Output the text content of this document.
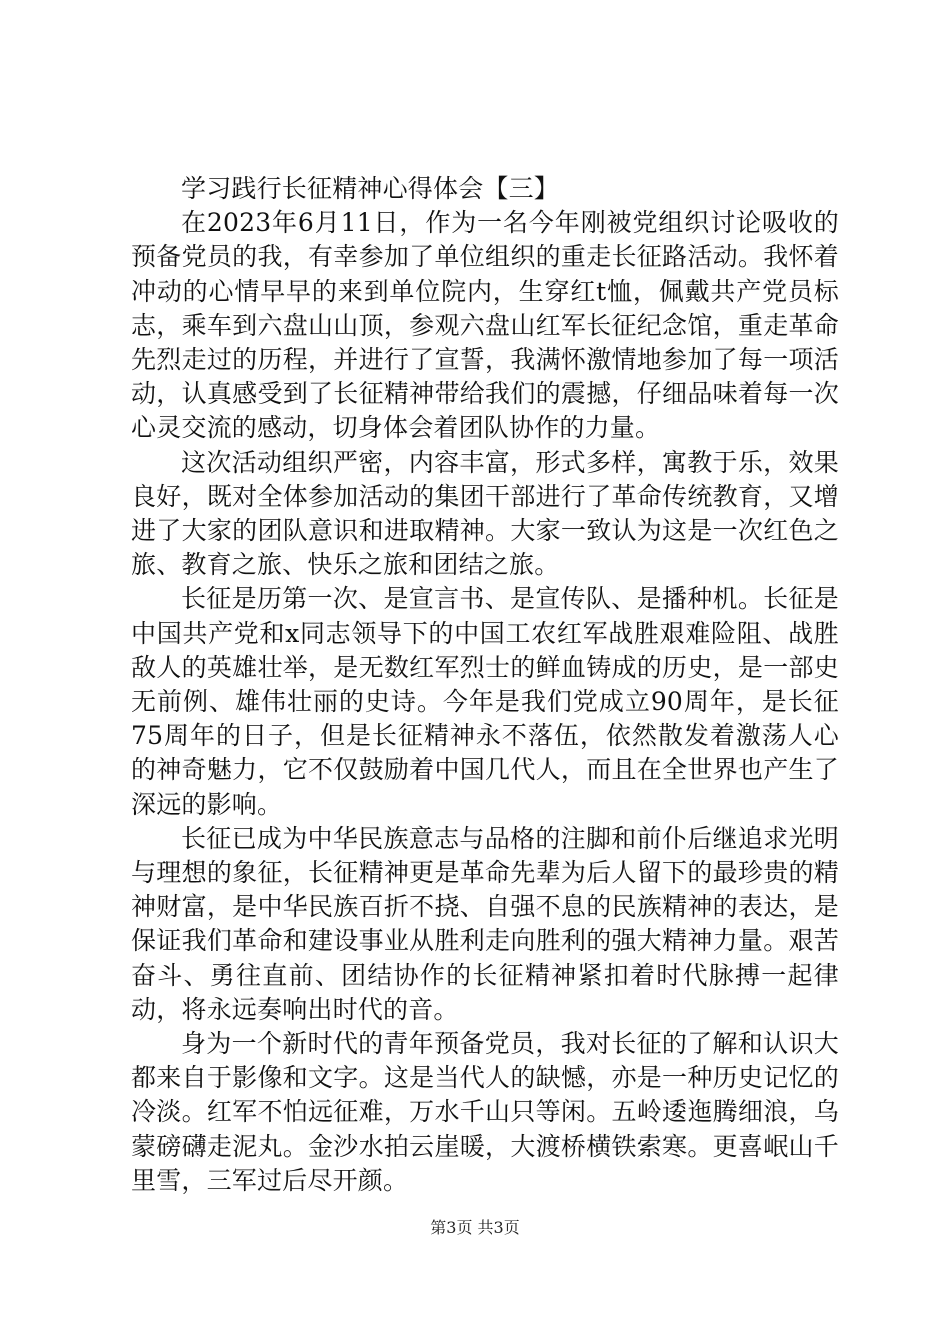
学习践行长征精神心得体会【三】

在2023年6月11日，作为一名今年刚被党组织讨论吸收的预备党员的我，有幸参加了单位组织的重走长征路活动。我怀着冲动的心情早早的来到单位院内，生穿红t恤，佩戴共产党员标志，乘车到六盘山山顶，参观六盘山红军长征纪念馆，重走革命先烈走过的历程，并进行了宣誓，我满怀激情地参加了每一项活动，认真感受到了长征精神带给我们的震撼，仔细品味着每一次心灵交流的感动，切身体会着团队协作的力量。

这次活动组织严密，内容丰富，形式多样，寓教于乐，效果良好，既对全体参加活动的集团干部进行了革命传统教育，又增进了大家的团队意识和进取精神。大家一致认为这是一次红色之旅、教育之旅、快乐之旅和团结之旅。

长征是历第一次、是宣言书、是宣传队、是播种机。长征是中国共产党和x同志领导下的中国工农红军战胜艰难险阻、战胜敌人的英雄壮举，是无数红军烈士的鲜血铸成的历史，是一部史无前例、雄伟壮丽的史诗。今年是我们党成立90周年，是长征75周年的日子，但是长征精神永不落伍，依然散发着激荡人心的神奇魅力，它不仅鼓励着中国几代人，而且在全世界也产生了深远的影响。

长征已成为中华民族意志与品格的注脚和前仆后继追求光明与理想的象征，长征精神更是革命先辈为后人留下的最珍贵的精神财富，是中华民族百折不挠、自强不息的民族精神的表达，是保证我们革命和建设事业从胜利走向胜利的强大精神力量。艰苦奋斗、勇往直前、团结协作的长征精神紧扣着时代脉搏一起律动，将永远奏响出时代的音。

身为一个新时代的青年预备党员，我对长征的了解和认识大都来自于影像和文字。这是当代人的缺憾，亦是一种历史记忆的冷淡。红军不怕远征难，万水千山只等闲。五岭逶迤腾细浪，乌蒙磅礴走泥丸。金沙水拍云崖暖，大渡桥横铁索寒。更喜岷山千里雪，三军过后尽开颜。

第3页 共3页
